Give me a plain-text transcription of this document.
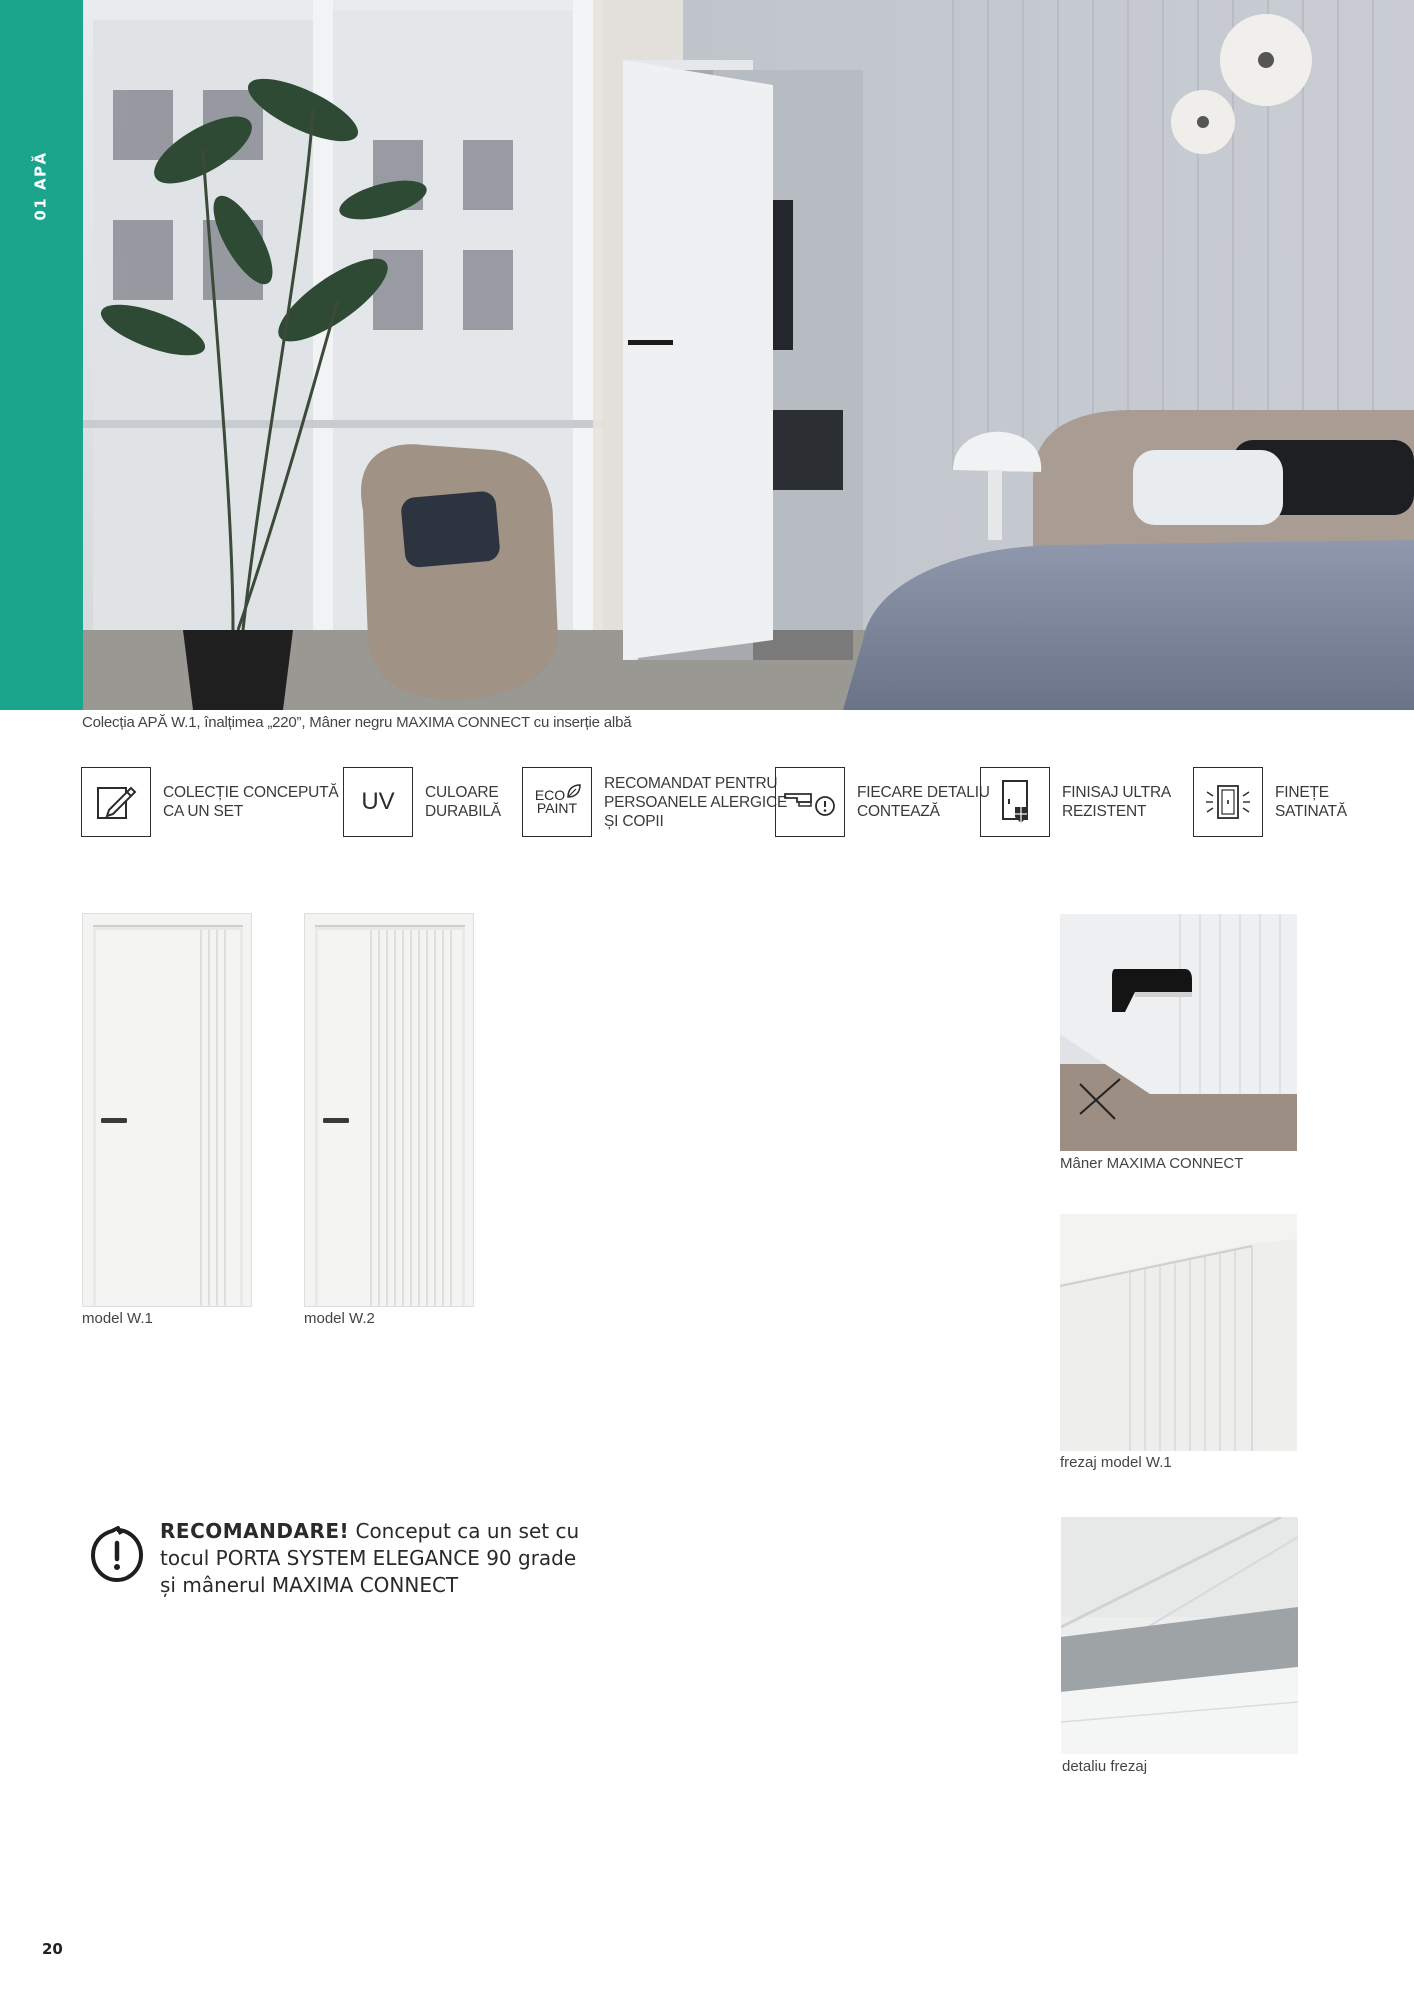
01 APĂ
Colecția APĂ W.1, înalțimea „220”, Mâner negru MAXIMA CONNECT cu inserție albă
COLECȚIE CONCEPUTĂ
CA UN SET	UV CULOARE
DURABILĂ
ECO
PAINT
RECOMANDAT PENTRU
PERSOANELE ALERGICE
ȘI COPII
FIECARE DETALIU
CONTEAZĂ
FINISAJ ULTRA
REZISTENT
FINEȚE
SATINATĂ
model W.1	model W.2
Mâner MAXIMA CONNECT
frezaj model W.1
detaliu frezaj
RECOMANDARE! Conceput ca un set cu
tocul PORTA SYSTEM ELEGANCE 90 grade
și mânerul MAXIMA CONNECT
20
